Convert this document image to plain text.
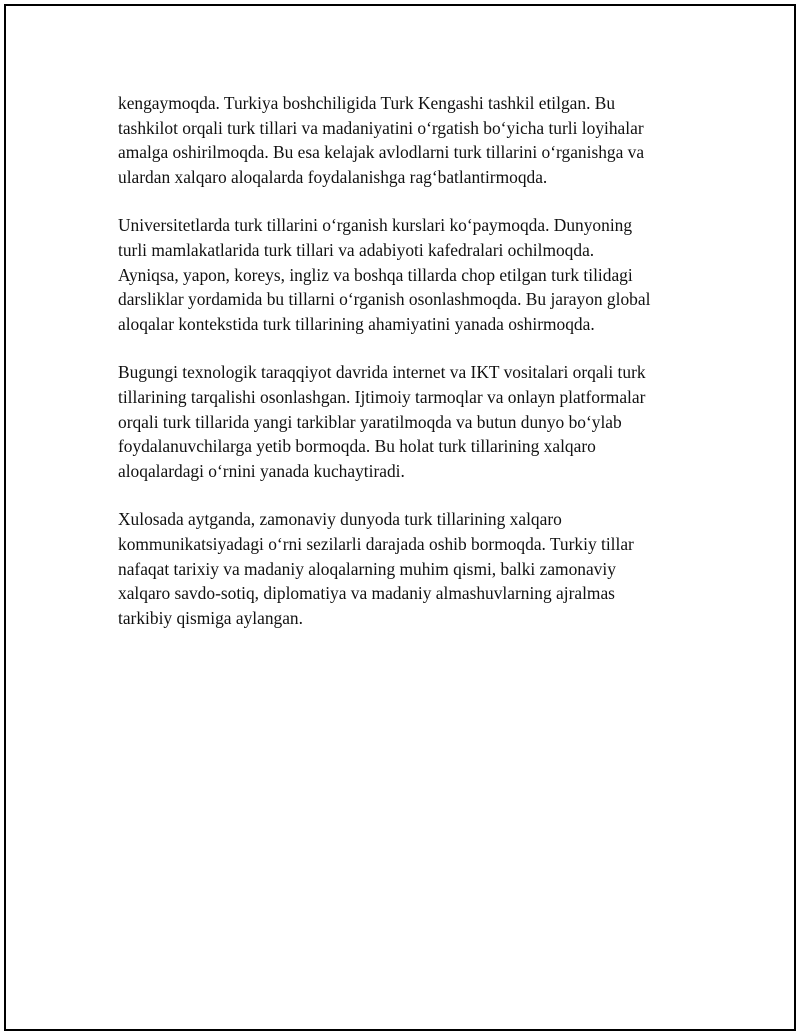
kengaymoqda. Turkiya boshchiligida Turk Kengashi tashkil etilgan. Bu
tashkilot orqali turk tillari va madaniyatini o‘rgatish bo‘yicha turli loyihalar
amalga oshirilmoqda. Bu esa kelajak avlodlarni turk tillarini o‘rganishga va
ulardan xalqaro aloqalarda foydalanishga rag‘batlantirmoqda.

Universitetlarda turk tillarini o‘rganish kurslari ko‘paymoqda. Dunyoning
turli mamlakatlarida turk tillari va adabiyoti kafedralari ochilmoqda.
Ayniqsa, yapon, koreys, ingliz va boshqa tillarda chop etilgan turk tilidagi
darsliklar yordamida bu tillarni o‘rganish osonlashmoqda. Bu jarayon global
aloqalar kontekstida turk tillarining ahamiyatini yanada oshirmoqda.

Bugungi texnologik taraqqiyot davrida internet va IKT vositalari orqali turk
tillarining tarqalishi osonlashgan. Ijtimoiy tarmoqlar va onlayn platformalar
orqali turk tillarida yangi tarkiblar yaratilmoqda va butun dunyo bo‘ylab
foydalanuvchilarga yetib bormoqda. Bu holat turk tillarining xalqaro
aloqalardagi o‘rnini yanada kuchaytiradi.

Xulosada aytganda, zamonaviy dunyoda turk tillarining xalqaro
kommunikatsiyadagi o‘rni sezilarli darajada oshib bormoqda. Turkiy tillar
nafaqat tarixiy va madaniy aloqalarning muhim qismi, balki zamonaviy
xalqaro savdo-sotiq, diplomatiya va madaniy almashuvlarning ajralmas
tarkibiy qismiga aylangan.
